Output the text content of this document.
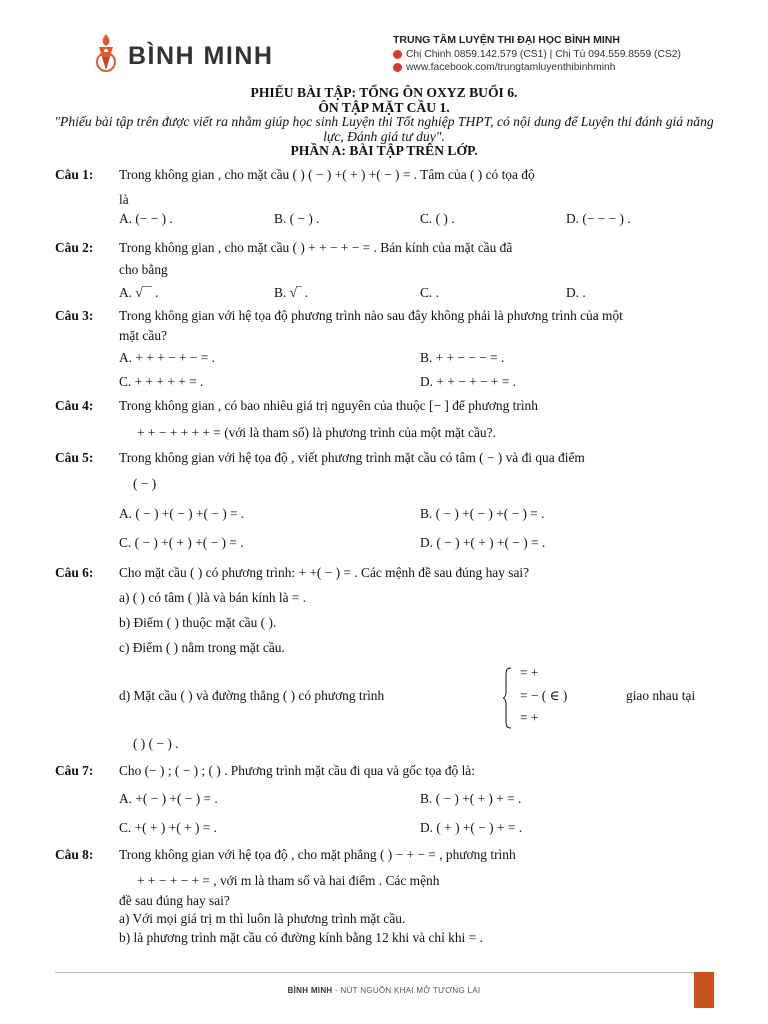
BÌNH MINH
TRUNG TÂM LUYỆN THI ĐẠI HỌC BÌNH MINH
Chị Chinh 0859.142.579 (CS1) | Chị Tú 094.559.8559 (CS2)
www.facebook.com/trungtamluyenthibinhminh
PHIẾU BÀI TẬP: TỔNG ÔN OXYZ BUỔI 6.
ÔN TẬP MẶT CẦU 1.
"Phiếu bài tập trên được viết ra nhằm giúp học sinh Luyện thi Tốt nghiệp THPT, có nội dung để Luyện thi đánh giá năng lực, Đánh giá tư duy".
PHẦN A: BÀI TẬP TRÊN LỚP.
Câu 1: Trong không gian , cho mặt cầu ( ) ( − ) +( + ) +( − ) = . Tâm của ( ) có tọa độ
là
A. (− − ) .	B. ( − ) .	C. ( ) .	D. (− − − ) .
Câu 2: Trong không gian , cho mặt cầu ( ) + + − + − = . Bán kính của mặt cầu đã
cho bằng
A. √‾‾ .	B. √‾ .	C. .	D. .
Câu 3: Trong không gian với hệ tọa độ phương trình nào sau đây không phải là phương trình của một
mặt cầu?
A. + + + − + − = .	B. + + − − − = .
C. + + + + + = .	D. + + − + − + = .
Câu 4: Trong không gian , có bao nhiêu giá trị nguyên của thuộc [− ] để phương trình
+ + − + + + + = (với là tham số) là phương trình của một mặt cầu?.
Câu 5: Trong không gian với hệ tọa độ , viết phương trình mặt cầu có tâm ( − ) và đi qua điểm
( − )
A. ( − ) +( − ) +( − ) = .	B. ( − ) +( − ) +( − ) = .
C. ( − ) +( + ) +( − ) = .	D. ( − ) +( + ) +( − ) = .
Câu 6: Cho mặt cầu ( ) có phương trình: + +( − ) = . Các mệnh đề sau đúng hay sai?
a) ( ) có tâm ( )là và bán kính là = .
b) Điểm ( ) thuộc mặt cầu ( ).
c) Điểm ( ) nằm trong mặt cầu.
d) Mặt cầu ( ) và đường thẳng ( ) có phương trình
= +
= − ( ∈ )
= +
giao nhau tại
( ) ( − ) .
Câu 7: Cho (− ) ; ( − ) ; ( ) . Phương trình mặt cầu đi qua và gốc tọa độ là:
A. +( − ) +( − ) = .	B. ( − ) +( + ) + = .
C. +( + ) +( + ) = .	D. ( + ) +( − ) + = .
Câu 8: Trong không gian với hệ tọa độ , cho mặt phẳng ( ) − + − = , phương trình
+ + − + − + = , với m là tham số và hai điểm . Các mệnh
đề sau đúng hay sai?
a) Với mọi giá trị m thì luôn là phương trình mặt cầu.
b) là phương trình mặt cầu có đường kính bằng 12 khi và chỉ khi = .
BÌNH MINH - NÚT NGUỒN KHAI MỞ TƯƠNG LAI
